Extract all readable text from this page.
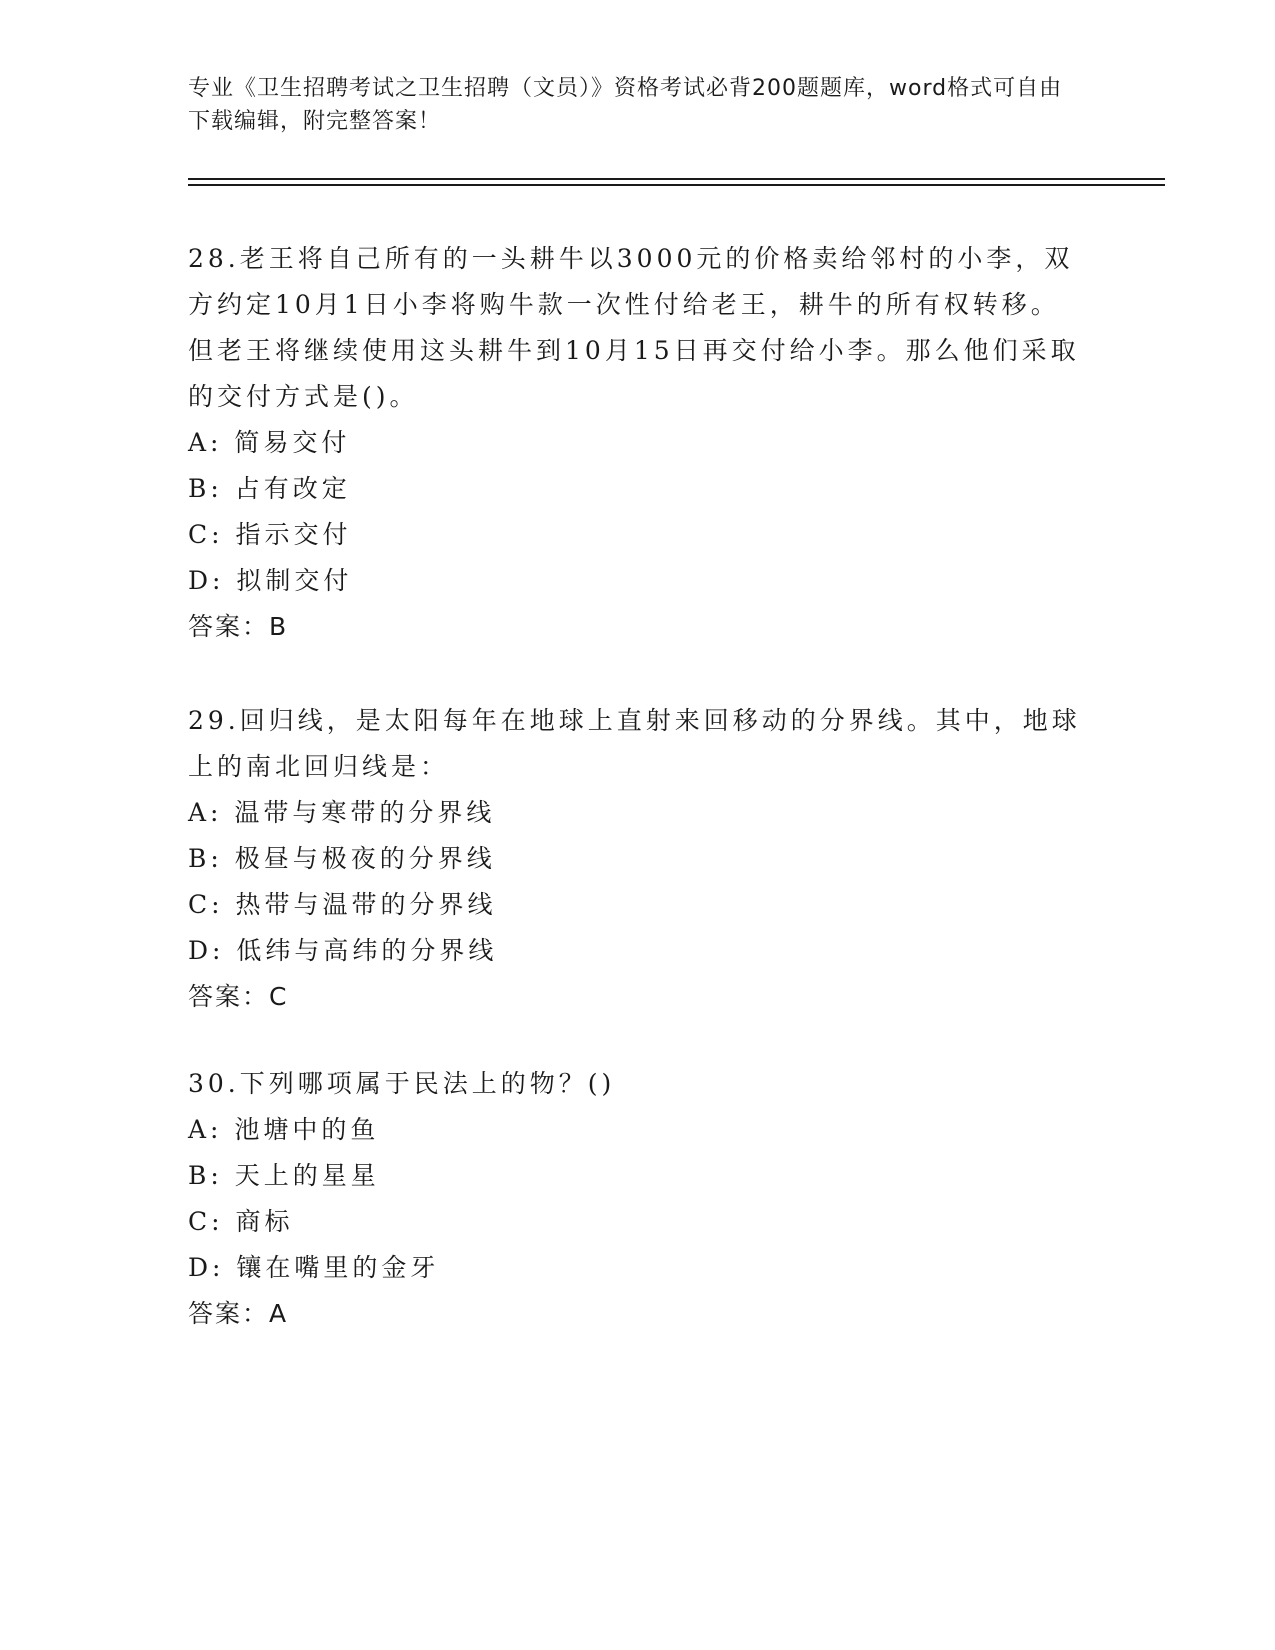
专业《卫生招聘考试之卫生招聘（文员）》资格考试必背200题题库，word格式可自由下载编辑，附完整答案！

28.老王将自己所有的一头耕牛以3000元的价格卖给邻村的小李，双方约定10月1日小李将购牛款一次性付给老王，耕牛的所有权转移。但老王将继续使用这头耕牛到10月15日再交付给小李。那么他们采取的交付方式是()。

A: 简易交付

B: 占有改定

C: 指示交付

D: 拟制交付

答案：B

29.回归线，是太阳每年在地球上直射来回移动的分界线。其中，地球上的南北回归线是：

A: 温带与寒带的分界线

B: 极昼与极夜的分界线

C: 热带与温带的分界线

D: 低纬与高纬的分界线

答案：C

30.下列哪项属于民法上的物？()

A: 池塘中的鱼

B: 天上的星星

C: 商标

D: 镶在嘴里的金牙

答案：A
